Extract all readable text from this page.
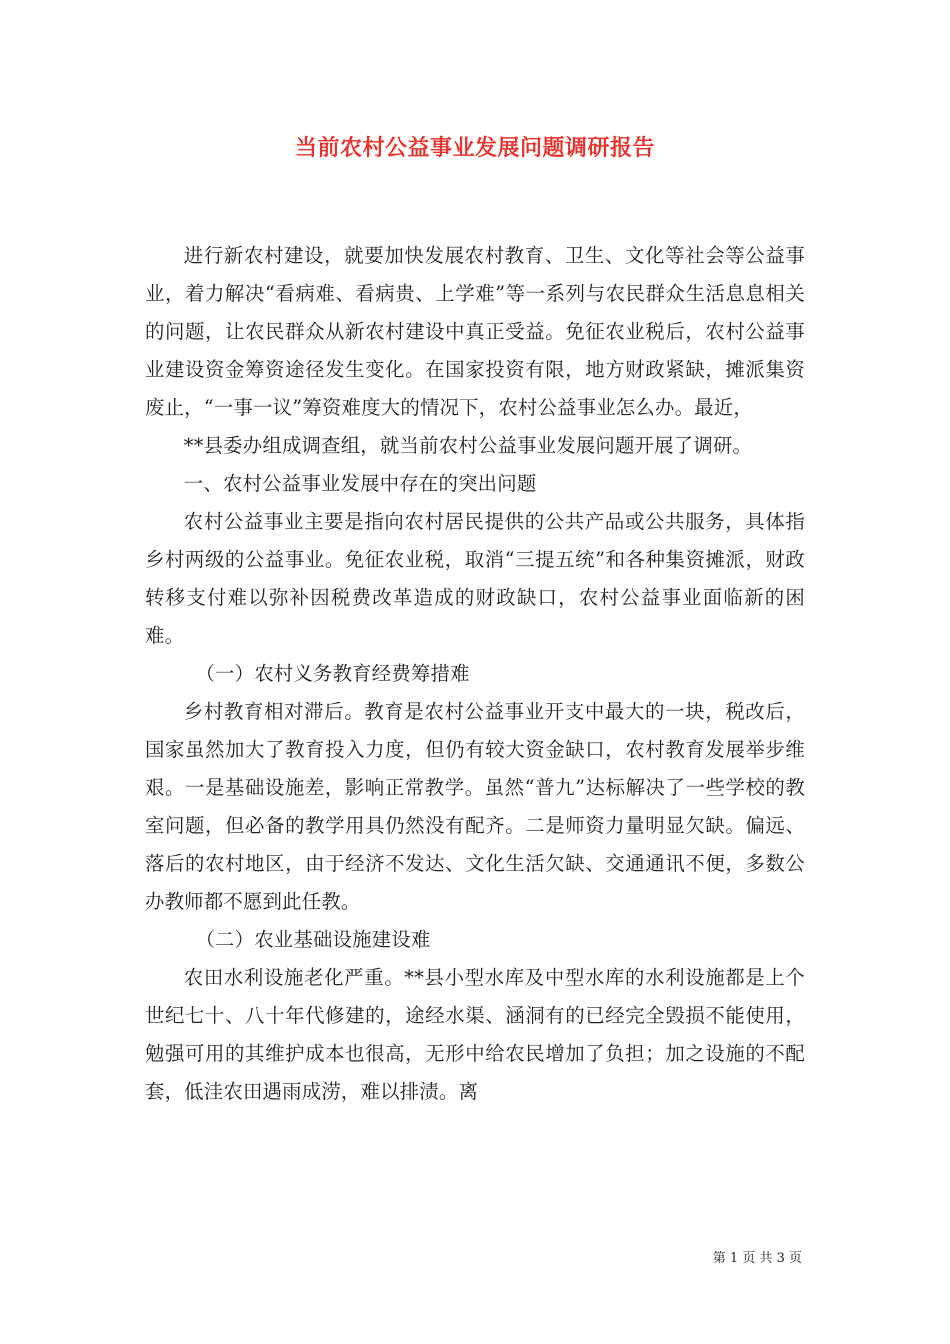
当前农村公益事业发展问题调研报告

进行新农村建设，就要加快发展农村教育、卫生、文化等社会等公益事业，着力解决“看病难、看病贵、上学难”等一系列与农民群众生活息息相关的问题，让农民群众从新农村建设中真正受益。免征农业税后，农村公益事业建设资金筹资途径发生变化。在国家投资有限，地方财政紧缺，摊派集资废止，“一事一议”筹资难度大的情况下，农村公益事业怎么办。最近，

**县委办组成调查组，就当前农村公益事业发展问题开展了调研。

一、农村公益事业发展中存在的突出问题

农村公益事业主要是指向农村居民提供的公共产品或公共服务，具体指乡村两级的公益事业。免征农业税，取消“三提五统”和各种集资摊派，财政转移支付难以弥补因税费改革造成的财政缺口，农村公益事业面临新的困难。

（一）农村义务教育经费筹措难

乡村教育相对滞后。教育是农村公益事业开支中最大的一块，税改后，国家虽然加大了教育投入力度，但仍有较大资金缺口，农村教育发展举步维艰。一是基础设施差，影响正常教学。虽然“普九”达标解决了一些学校的教室问题，但必备的教学用具仍然没有配齐。二是师资力量明显欠缺。偏远、落后的农村地区，由于经济不发达、文化生活欠缺、交通通讯不便，多数公办教师都不愿到此任教。

（二）农业基础设施建设难

农田水利设施老化严重。**县小型水库及中型水库的水利设施都是上个世纪七十、八十年代修建的，途经水渠、涵洞有的已经完全毁损不能使用，勉强可用的其维护成本也很高，无形中给农民增加了负担；加之设施的不配套，低洼农田遇雨成涝，难以排渍。离

第 1 页 共 3 页
